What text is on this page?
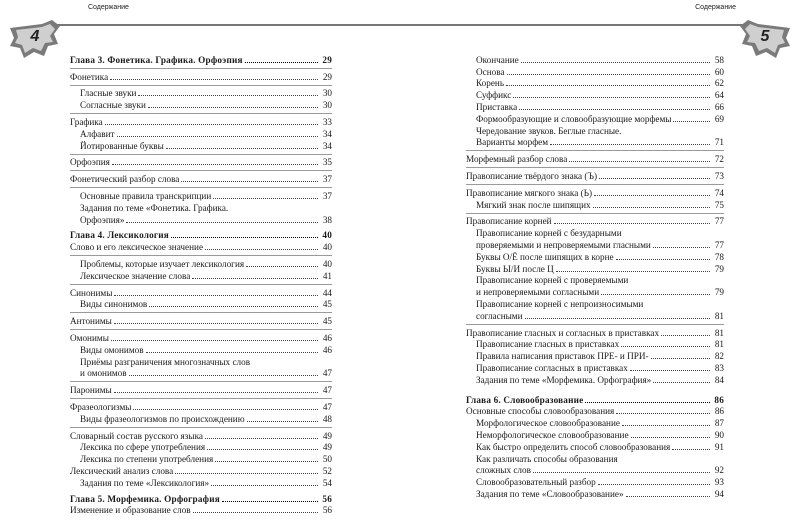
Содержание
4
Глава 3. Фонетика. Графика. Орфоэпия	29
Фонетика	29
Гласные звуки	30
Согласные звуки	30
Графика	33
Алфавит	34
Йотированные буквы	34
Орфоэпия	35
Фонетический разбор слова	37
Основные правила транскрипции	37
Задания по теме «Фонетика. Графика.
Орфоэпия»	38
Глава 4. Лексикология	40
Слово и его лексическое значение	40
Проблемы, которые изучает лексикология	40
Лексическое значение слова	41
Синонимы	44
Виды синонимов	45
Антонимы	45
Омонимы	46
Виды омонимов	46
Приёмы разграничения многозначных слов
и омонимов	47
Паронимы	47
Фразеологизмы	47
Виды фразеологизмов по происхождению	48
Словарный состав русского языка	49
Лексика по сфере употребления	49
Лексика по степени употребления	50
Лексический анализ слова	52
Задания по теме «Лексикология»	54
Глава 5. Морфемика. Орфография	56
Изменение и образование слов	56
Содержание
5
Окончание	58
Основа	60
Корень	62
Суффикс	64
Приставка	66
Формообразующие и словообразующие морфемы	69
Чередование звуков. Беглые гласные.
Варианты морфем	71
Морфемный разбор слова	72
Правописание твёрдого знака (Ъ)	73
Правописание мягкого знака (Ь)	74
Мягкий знак после шипящих	75
Правописание корней	77
Правописание корней с безударными
проверяемыми и непроверяемыми гласными	77
Буквы О/Ё после шипящих в корне	78
Буквы Ы/И после Ц	79
Правописание корней с проверяемыми
и непроверяемыми согласными	79
Правописание корней с непроизносимыми
согласными	81
Правописание гласных и согласных в приставках	81
Правописание гласных в приставках	81
Правила написания приставок ПРЕ- и ПРИ-	82
Правописание согласных в приставках	83
Задания по теме «Морфемика. Орфография»	84
Глава 6. Словообразование	86
Основные способы словообразования	86
Морфологическое словообразование	87
Неморфологическое словообразование	90
Как быстро определить способ словообразования	91
Как различать способы образования
сложных слов	92
Словообразовательный разбор	93
Задания по теме «Словообразование»	94
